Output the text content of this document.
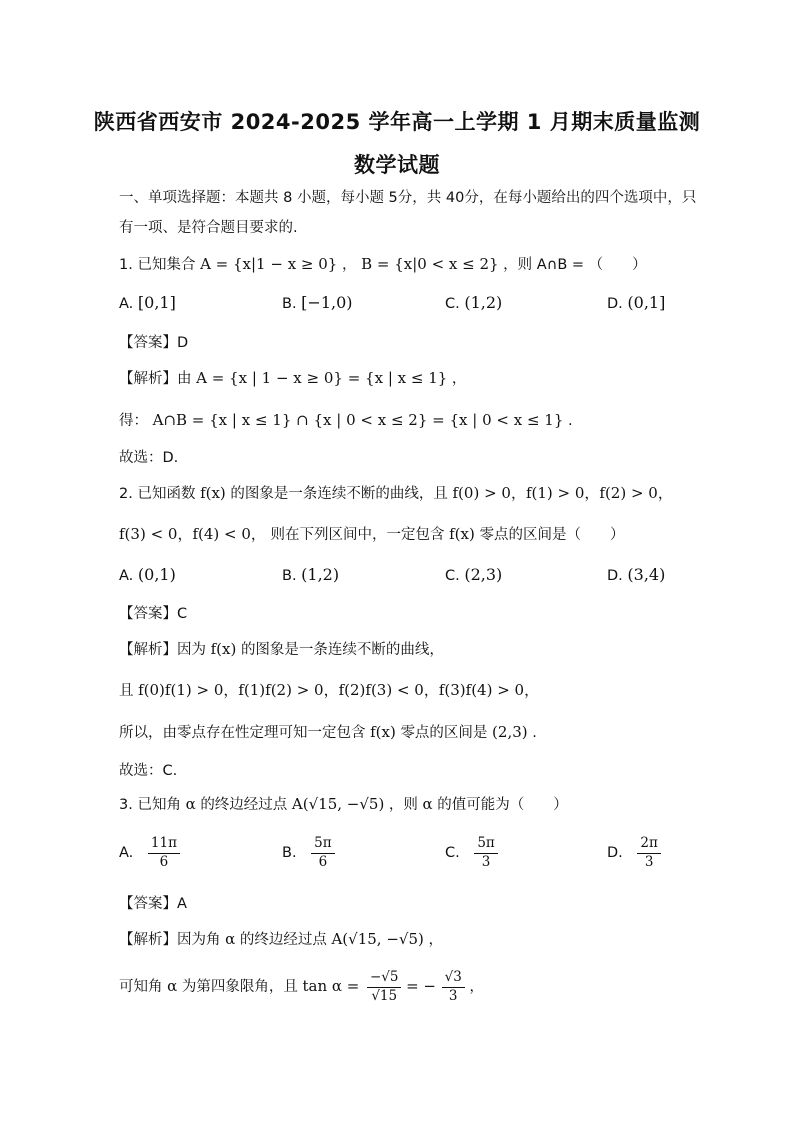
陕西省西安市 2024-2025 学年高一上学期 1 月期末质量监测
数学试题
一、单项选择题：本题共 8 小题，每小题 5分，共 40分，在每小题给出的四个选项中，只
有一项、是符合题目要求的.
1. 已知集合 A = {x|1 − x ≥ 0} ， B = {x|0 < x ≤ 2} ，则 A∩B = （　　）
A. [0,1]	B. [−1,0)	C. (1,2)	D. (0,1]
【答案】D
【解析】由 A = {x | 1 − x ≥ 0} = {x | x ≤ 1} ，
得： A∩B = {x | x ≤ 1} ∩ {x | 0 < x ≤ 2} = {x | 0 < x ≤ 1} .
故选：D.
2. 已知函数 f(x) 的图象是一条连续不断的曲线，且 f(0) > 0，f(1) > 0，f(2) > 0，
f(3) < 0，f(4) < 0， 则在下列区间中，一定包含 f(x) 零点的区间是（　　）
A. (0,1)	B. (1,2)	C. (2,3)	D. (3,4)
【答案】C
【解析】因为 f(x) 的图象是一条连续不断的曲线，
且 f(0)f(1) > 0，f(1)f(2) > 0，f(2)f(3) < 0，f(3)f(4) > 0，
所以，由零点存在性定理可知一定包含 f(x) 零点的区间是 (2,3) .
故选：C.
3. 已知角 α 的终边经过点 A(√15, −√5) ，则 α 的值可能为（　　）
A. $\frac{11\pi}{6}$	B. $\frac{5\pi}{6}$	C. $\frac{5\pi}{3}$	D. $\frac{2\pi}{3}$
【答案】A
【解析】因为角 α 的终边经过点 A(√15, −√5) ，
可知角 α 为第四象限角，且 $\tan \alpha = \frac{-√5}{√15}$ = − $\frac{√3}{3}$ ，
